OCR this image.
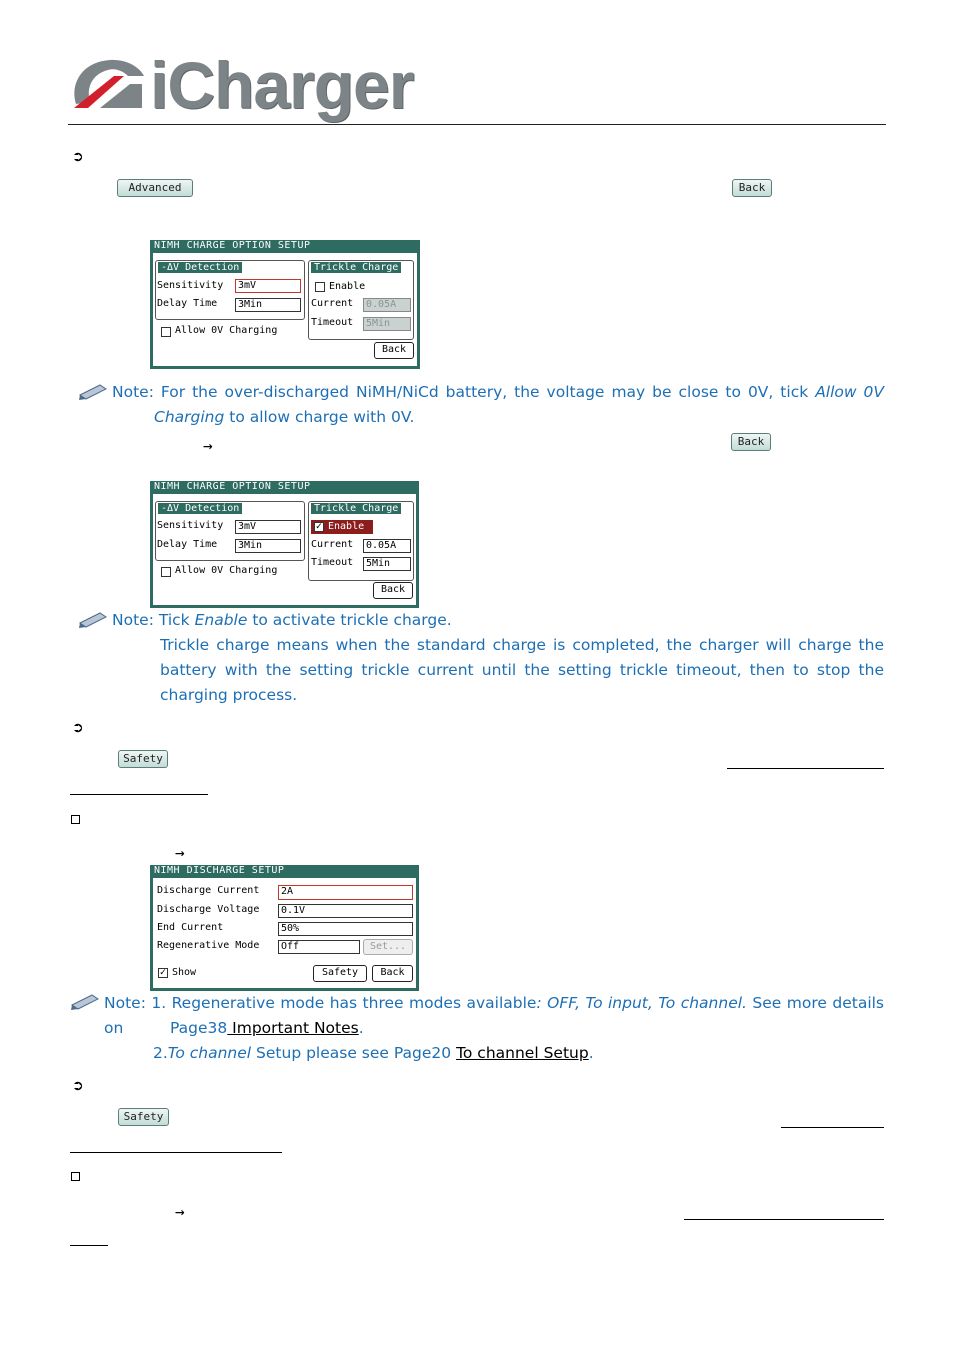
iCharger
➲
Advanced	Back
NIMH CHARGE OPTION SETUP
-ΔV Detection
Sensitivity	3mV
Delay Time	3Min
Allow 0V Charging
Trickle Charge
Enable
Current	0.05A
Timeout	5Min
Back
Note: For the over-discharged NiMH/NiCd battery, the voltage may be close to 0V, tick Allow 0V
Charging to allow charge with 0V.
→	Back
NIMH CHARGE OPTION SETUP
-ΔV Detection
Sensitivity	3mV
Delay Time	3Min
Allow 0V Charging
Trickle Charge
✓ Enable
Current	0.05A
Timeout	5Min
Back
Note: Tick Enable to activate trickle charge.
Trickle charge means when the standard charge is completed, the charger will charge the
battery with the setting trickle current until the setting trickle timeout, then to stop the
charging process.
➲
Safety
→
NIMH DISCHARGE SETUP
Discharge Current	2A
Discharge Voltage	0.1V
End Current	50%
Regenerative Mode	Off	Set...
✓ Show	Safety	Back
Note: 1. Regenerative mode has three modes available: OFF, To input, To channel. See more details on	Page38 Important Notes.
2.To channel Setup please see Page20 To channel Setup.
➲
Safety
→
